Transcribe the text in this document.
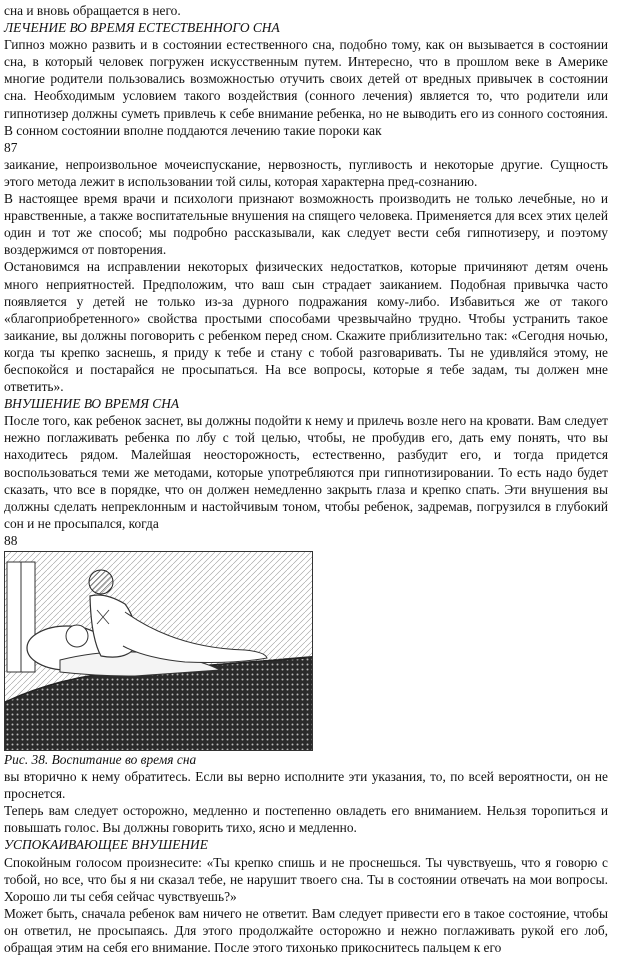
сна и вновь обращается в него.

ЛЕЧЕНИЕ ВО ВРЕМЯ ЕСТЕСТВЕННОГО СНА

Гипноз можно развить и в состоянии естественного сна, подобно тому, как он вызывается в состоянии сна, в который человек погружен искусственным путем. Интересно, что в прошлом веке в Америке многие родители пользовались возможностью отучить своих детей от вредных привычек в состоянии сна. Необходимым условием такого воздействия (сонного лечения) является то, что родители или гипнотизер должны суметь привлечь к себе внимание ребенка, но не выводить его из сонного состояния. В сонном состоянии вполне поддаются лечению такие пороки как

87

заикание, непроизвольное мочеиспускание, нервозность, пугливость и некоторые другие. Сущность этого метода лежит в использовании той силы, которая характерна пред-сознанию.

В настоящее время врачи и психологи признают возможность производить не только лечебные, но и нравственные, а также воспитательные внушения на спящего человека. Применяется для всех этих целей один и тот же способ; мы подробно рассказывали, как следует вести себя гипнотизеру, и поэтому воздержимся от повторения.

Остановимся на исправлении некоторых физических недостатков, которые причиняют детям очень много неприятностей. Предположим, что ваш сын страдает заиканием. Подобная привычка часто появляется у детей не только из-за дурного подражания кому-либо. Избавиться же от такого «благоприобретенного» свойства простыми способами чрезвычайно трудно. Чтобы устранить такое заикание, вы должны поговорить с ребенком перед сном. Скажите приблизительно так: «Сегодня ночью, когда ты крепко заснешь, я приду к тебе и стану с тобой разговаривать. Ты не удивляйся этому, не беспокойся и постарайся не просыпаться. На все вопросы, которые я тебе задам, ты должен мне ответить».

ВНУШЕНИЕ ВО ВРЕМЯ СНА

После того, как ребенок заснет, вы должны подойти к нему и прилечь возле него на кровати. Вам следует нежно поглаживать ребенка по лбу с той целью, чтобы, не пробудив его, дать ему понять, что вы находитесь рядом. Малейшая неосторожность, естественно, разбудит его, и тогда придется воспользоваться теми же методами, которые употребляются при гипнотизировании. То есть надо будет сказать, что все в порядке, что он должен немедленно закрыть глаза и крепко спать. Эти внушения вы должны сделать непреклонным и настойчивым тоном, чтобы ребенок, задремав, погрузился в глубокий сон и не просыпался, когда

88

Рис. 38. Воспитание во время сна

вы вторично к нему обратитесь. Если вы верно исполните эти указания, то, по всей вероятности, он не проснется.

Теперь вам следует осторожно, медленно и постепенно овладеть его вниманием. Нельзя торопиться и повышать голос. Вы должны говорить тихо, ясно и медленно.

УСПОКАИВАЮЩЕЕ ВНУШЕНИЕ

Спокойным голосом произнесите: «Ты крепко спишь и не проснешься. Ты чувствуешь, что я говорю с тобой, но все, что бы я ни сказал тебе, не нарушит твоего сна. Ты в состоянии отвечать на мои вопросы. Хорошо ли ты себя сейчас чувствуешь?»

Может быть, сначала ребенок вам ничего не ответит. Вам следует привести его в такое состояние, чтобы он ответил, не просыпаясь. Для этого продолжайте осторожно и нежно поглаживать рукой его лоб, обращая этим на себя его внимание. После этого тихонько прикоснитесь пальцем к его
